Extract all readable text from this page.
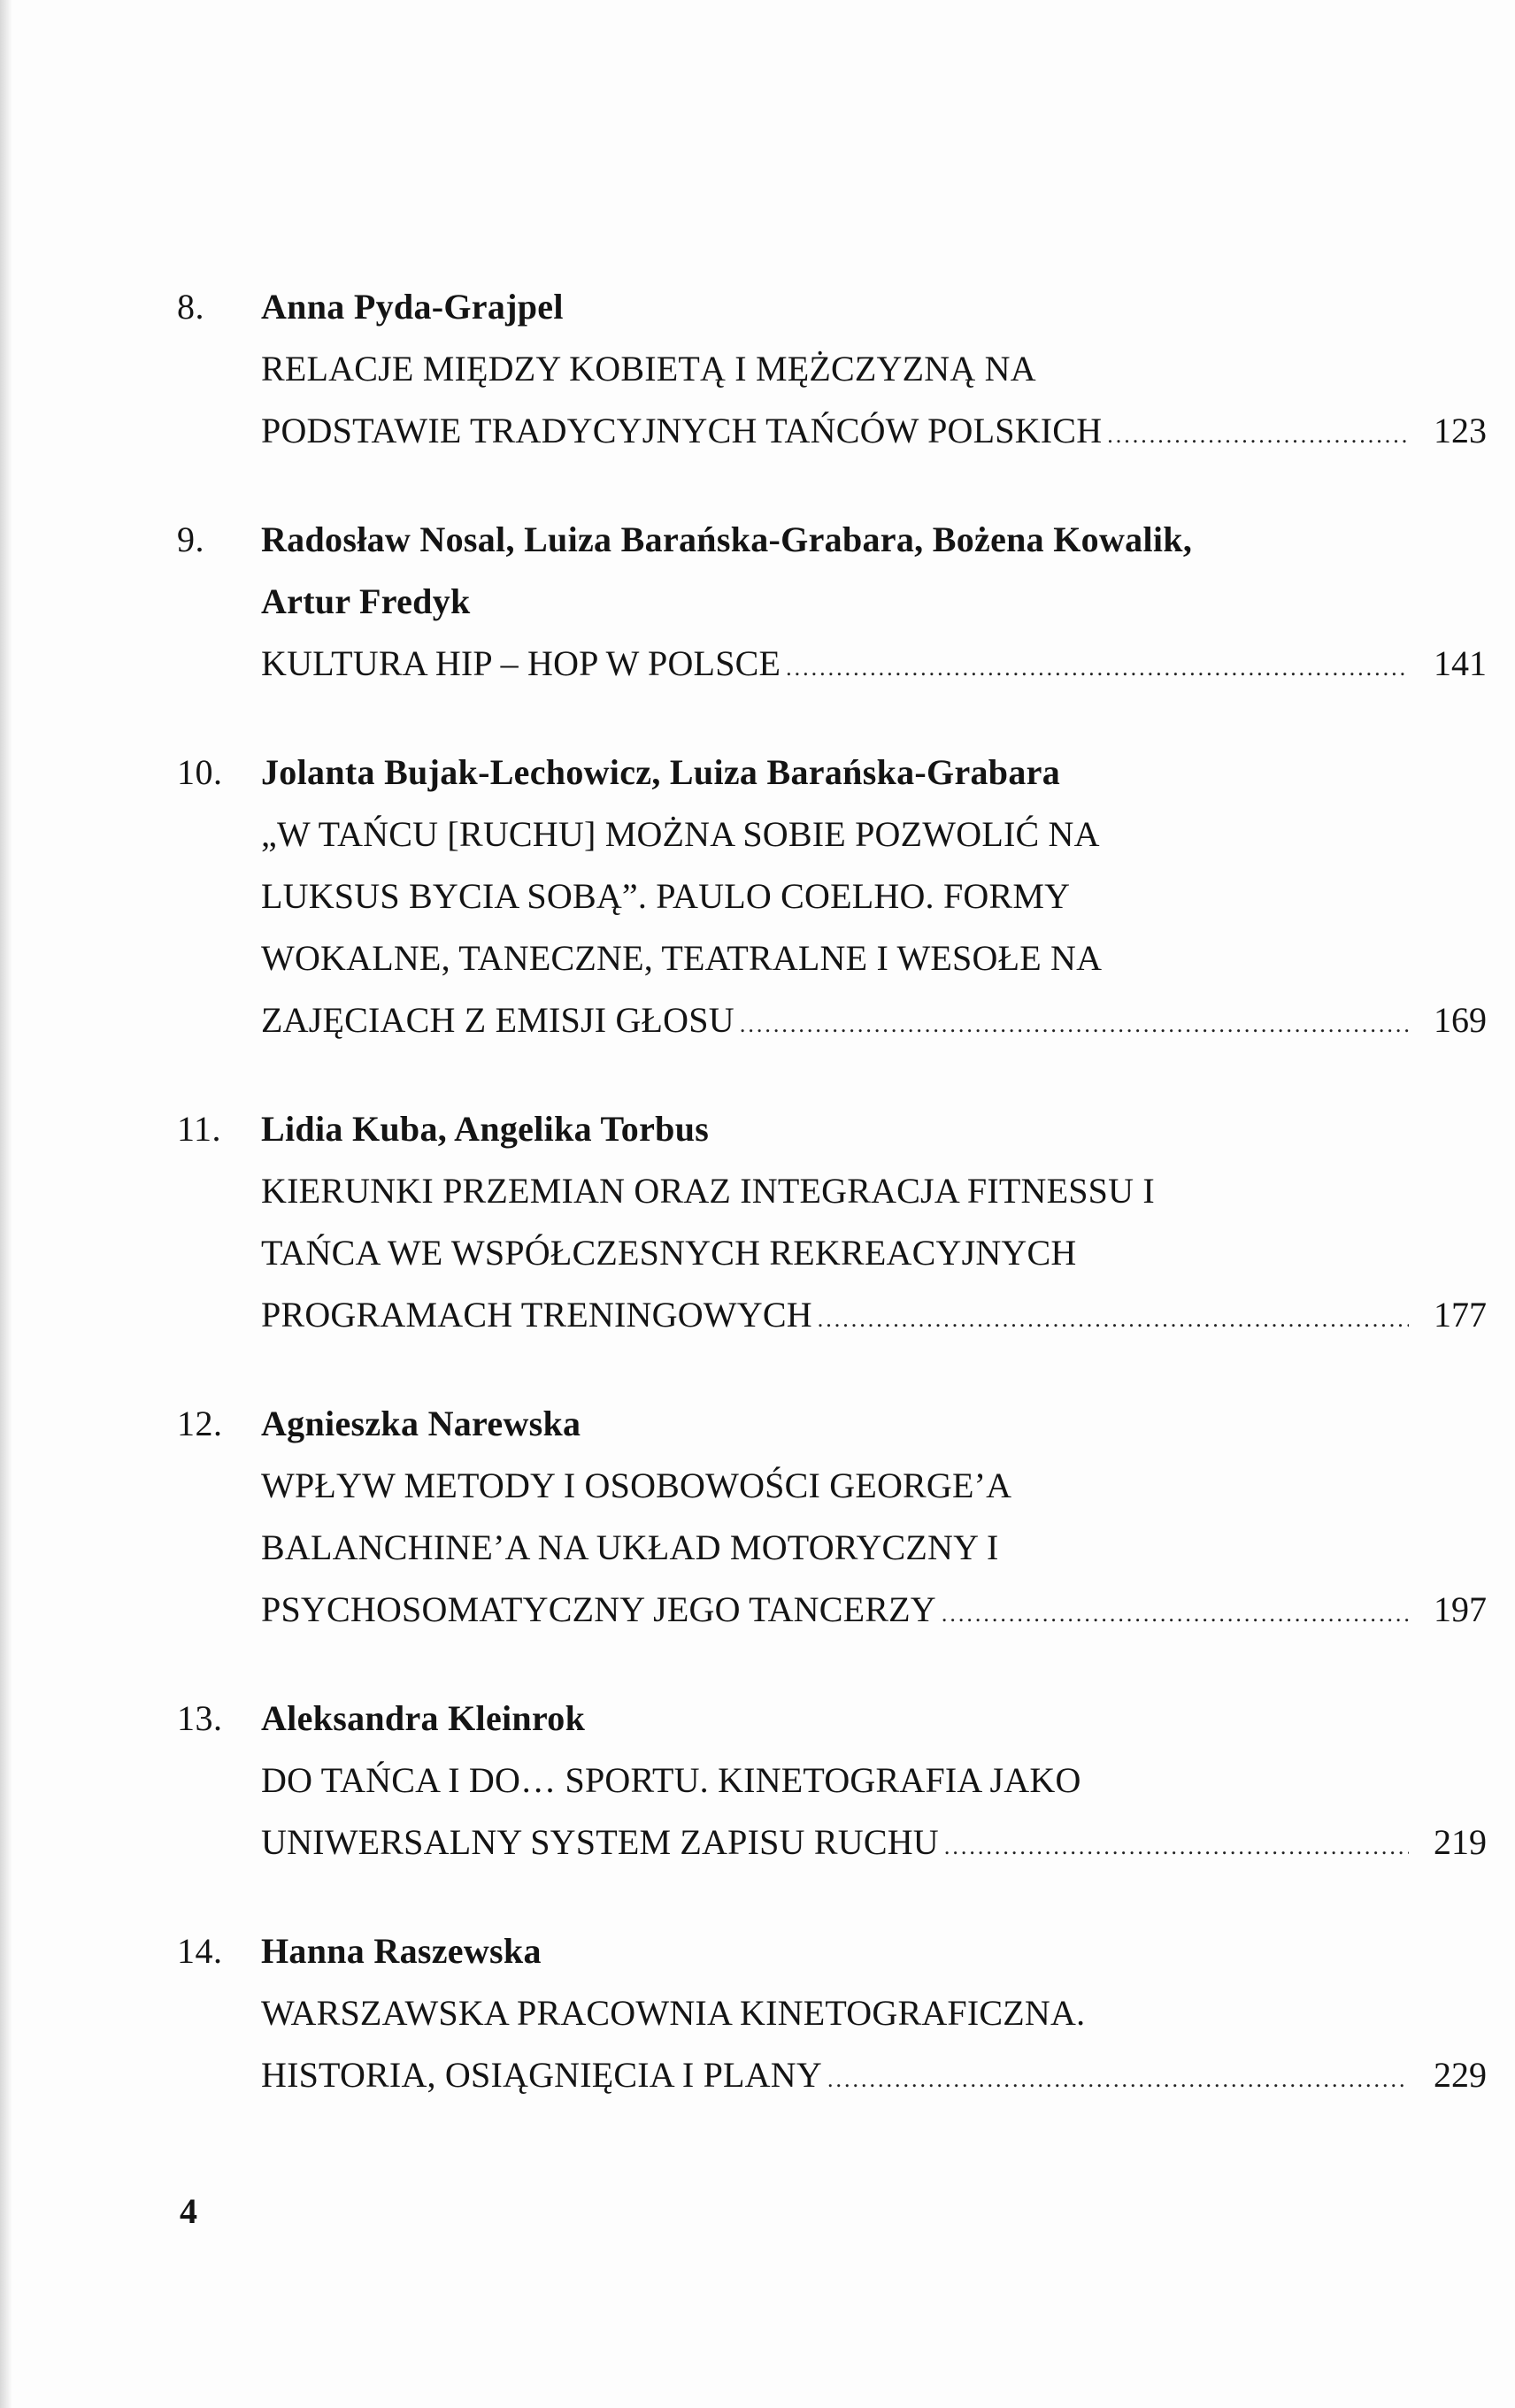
8.	Anna Pyda-Grajpel
RELACJE MIĘDZY KOBIETĄ I MĘŻCZYZNĄ NA
PODSTAWIE TRADYCYJNYCH TAŃCÓW POLSKICH .....	123
9.	Radosław Nosal, Luiza Barańska-Grabara, Bożena Kowalik,
Artur Fredyk
KULTURA HIP – HOP W POLSCE .....	141
10.	Jolanta Bujak-Lechowicz, Luiza Barańska-Grabara
„W TAŃCU [RUCHU] MOŻNA SOBIE POZWOLIĆ NA
LUKSUS BYCIA SOBĄ”. PAULO COELHO. FORMY
WOKALNE, TANECZNE, TEATRALNE I WESOŁE NA
ZAJĘCIACH Z EMISJI GŁOSU .....	169
11.	Lidia Kuba, Angelika Torbus
KIERUNKI PRZEMIAN ORAZ INTEGRACJA FITNESSU I
TAŃCA WE WSPÓŁCZESNYCH REKREACYJNYCH
PROGRAMACH TRENINGOWYCH .....	177
12.	Agnieszka Narewska
WPŁYW METODY I OSOBOWOŚCI GEORGE’A
BALANCHINE’A NA UKŁAD MOTORYCZNY I
PSYCHOSOMATYCZNY JEGO TANCERZY .....	197
13.	Aleksandra Kleinrok
DO TAŃCA I DO… SPORTU. KINETOGRAFIA JAKO
UNIWERSALNY SYSTEM ZAPISU RUCHU .....	219
14.	Hanna Raszewska
WARSZAWSKA PRACOWNIA KINETOGRAFICZNA.
HISTORIA, OSIĄGNIĘCIA I PLANY .....	229
4
